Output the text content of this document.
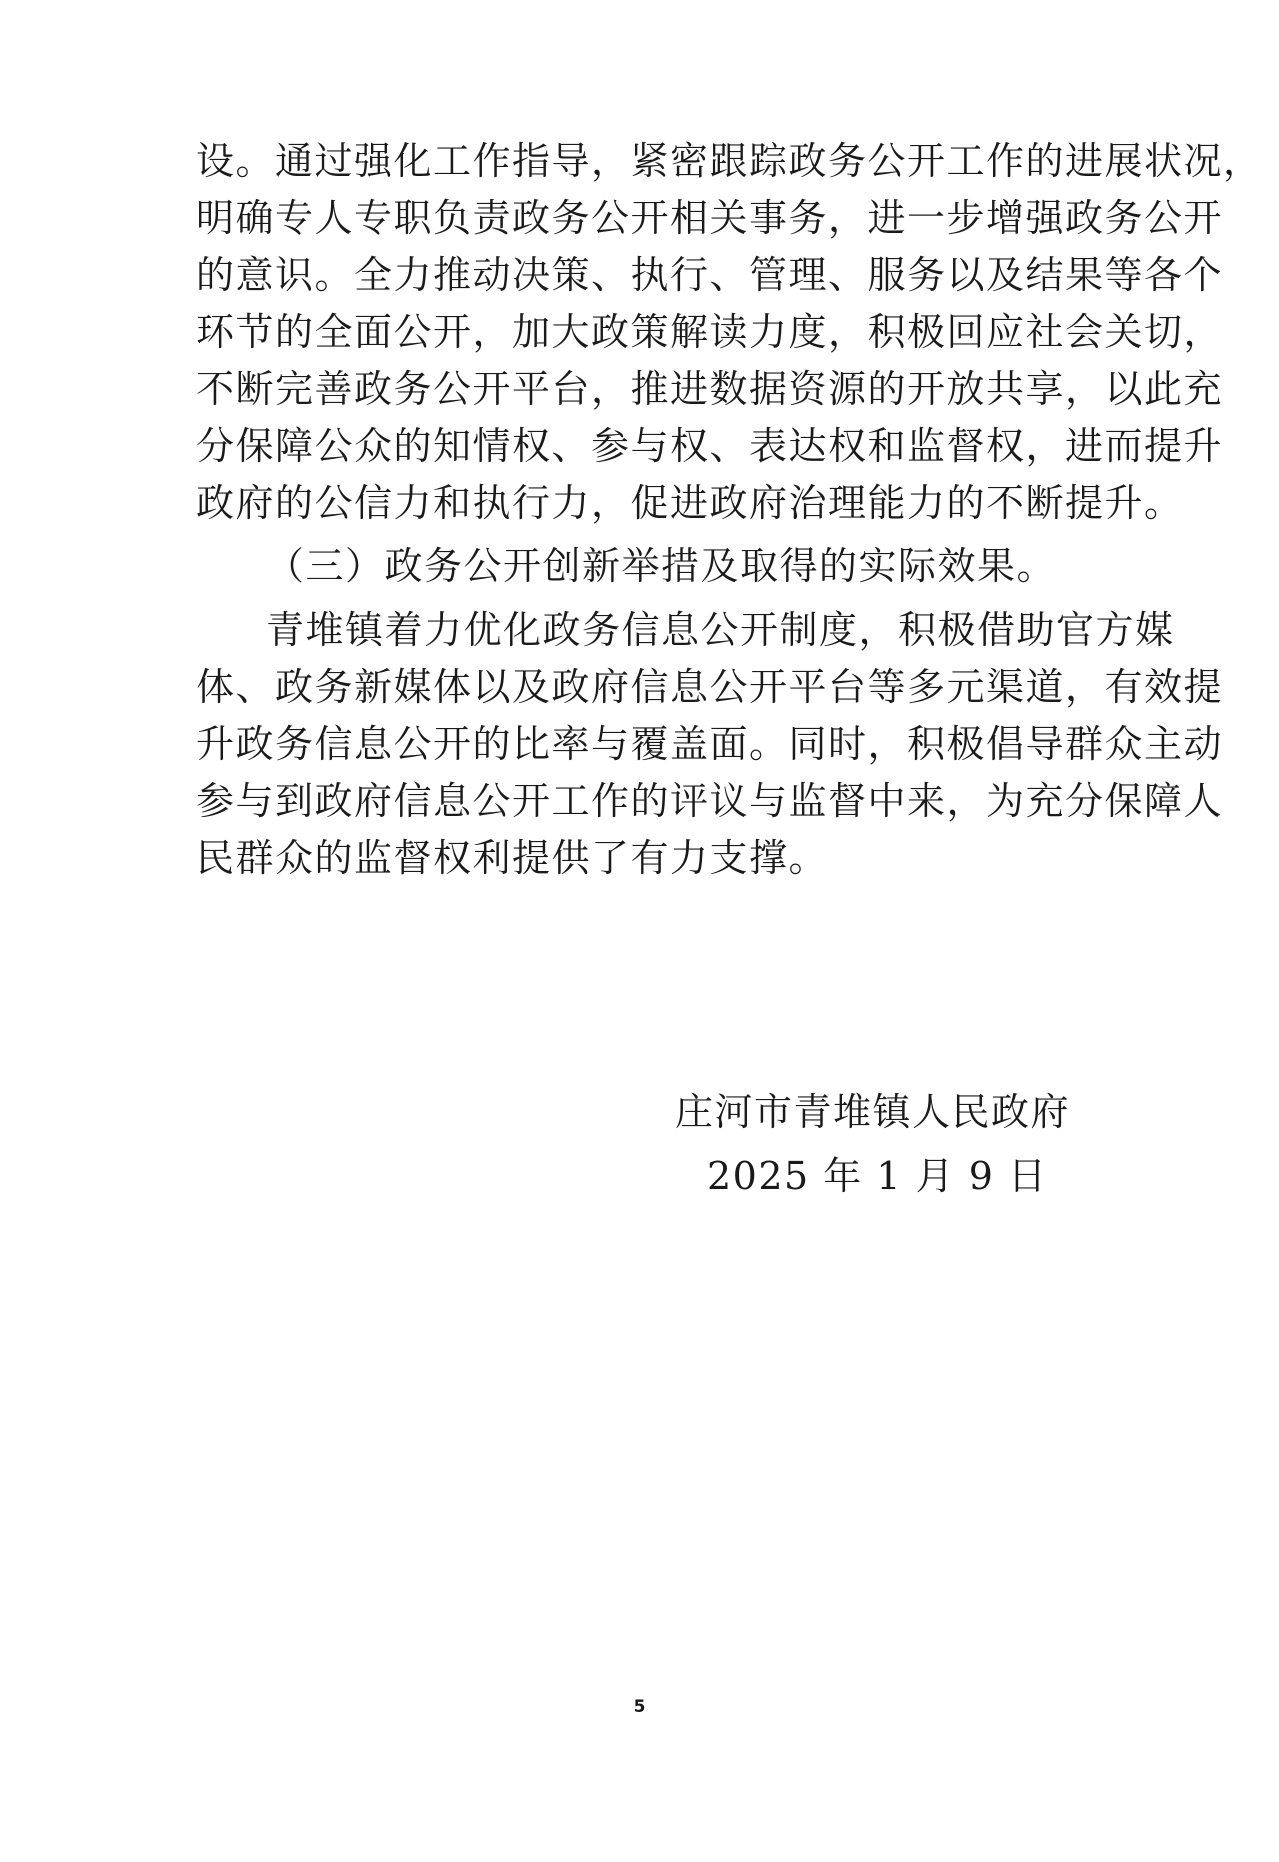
设。通过强化工作指导，紧密跟踪政务公开工作的进展状况，
明确专人专职负责政务公开相关事务，进一步增强政务公开
的意识。全力推动决策、执行、管理、服务以及结果等各个
环节的全面公开，加大政策解读力度，积极回应社会关切，
不断完善政务公开平台，推进数据资源的开放共享，以此充
分保障公众的知情权、参与权、表达权和监督权，进而提升
政府的公信力和执行力，促进政府治理能力的不断提升。
（三）政务公开创新举措及取得的实际效果。
青堆镇着力优化政务信息公开制度，积极借助官方媒
体、政务新媒体以及政府信息公开平台等多元渠道，有效提
升政务信息公开的比率与覆盖面。同时，积极倡导群众主动
参与到政府信息公开工作的评议与监督中来，为充分保障人
民群众的监督权利提供了有力支撑。
庄河市青堆镇人民政府
2025 年 1 月 9 日
5
